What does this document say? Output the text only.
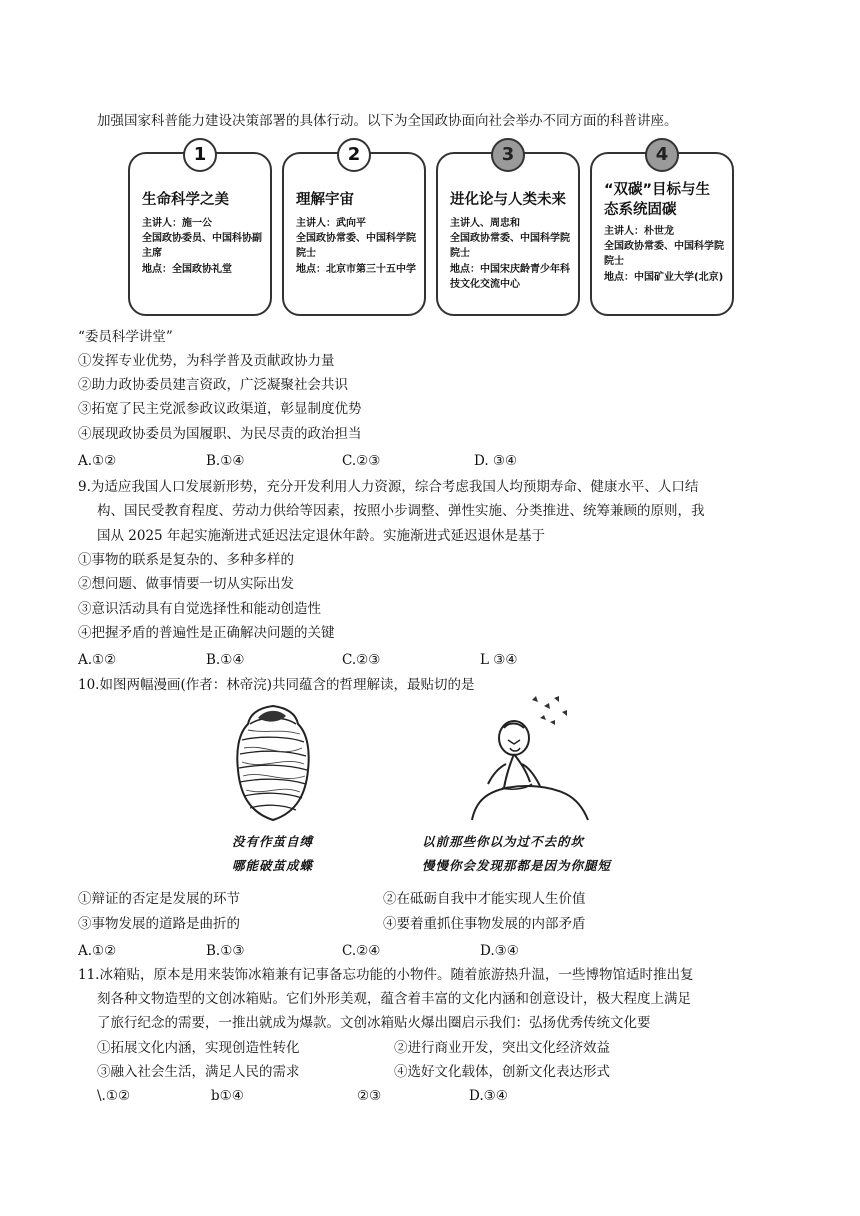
加强国家科普能力建设决策部署的具体行动。以下为全国政协面向社会举办不同方面的科普讲座。
1
生命科学之美
主讲人：施一公
全国政协委员、中国科协副主席
地点：全国政协礼堂
2
理解宇宙
主讲人：武向平
全国政协常委、中国科学院院士
地点：北京市第三十五中学
3
进化论与人类未来
主讲人、周忠和
全国政协常委、中国科学院院士
地点：中国宋庆龄青少年科技文化交流中心
4
“双碳”目标与生态系统固碳
主讲人：朴世龙
全国政协常委、中国科学院院士
地点：中国矿业大学(北京)
“委员科学讲堂”
①发挥专业优势，为科学普及贡献政协力量
②助力政协委员建言资政，广泛凝聚社会共识
③拓宽了民主党派参政议政渠道，彰显制度优势
④展现政协委员为国履职、为民尽责的政治担当
A.①②	B.①④	C.②③	D. ③④
9.为适应我国人口发展新形势，充分开发利用人力资源，综合考虑我国人均预期寿命、健康水平、人口结
构、国民受教育程度、劳动力供给等因素，按照小步调整、弹性实施、分类推进、统筹兼顾的原则，我
国从 2025 年起实施渐进式延迟法定退休年龄。实施渐进式延迟退休是基于
①事物的联系是复杂的、多种多样的
②想问题、做事情要一切从实际出发
③意识活动具有自觉选择性和能动创造性
④把握矛盾的普遍性是正确解决问题的关键
A.①②	B.①④	C.②③	L ③④
10.如图两幅漫画(作者：林帝浣)共同蕴含的哲理解读，最贴切的是
没有作茧自缚
哪能破茧成蝶
以前那些你以为过不去的坎
慢慢你会发现那都是因为你腿短
①辩证的否定是发展的环节	②在砥砺自我中才能实现人生价值
③事物发展的道路是曲折的	④要着重抓住事物发展的内部矛盾
A.①②	B.①③	C.②④	D.③④
11.冰箱贴，原本是用来装饰冰箱兼有记事备忘功能的小物件。随着旅游热升温，一些博物馆适时推出复
刻各种文物造型的文创冰箱贴。它们外形美观，蕴含着丰富的文化内涵和创意设计，极大程度上满足
了旅行纪念的需要，一推出就成为爆款。文创冰箱贴火爆出圈启示我们：弘扬优秀传统文化要
①拓展文化内涵，实现创造性转化	②进行商业开发，突出文化经济效益
③融入社会生活，满足人民的需求	④选好文化载体，创新文化表达形式
\.①②	b①④	②③	D.③④
